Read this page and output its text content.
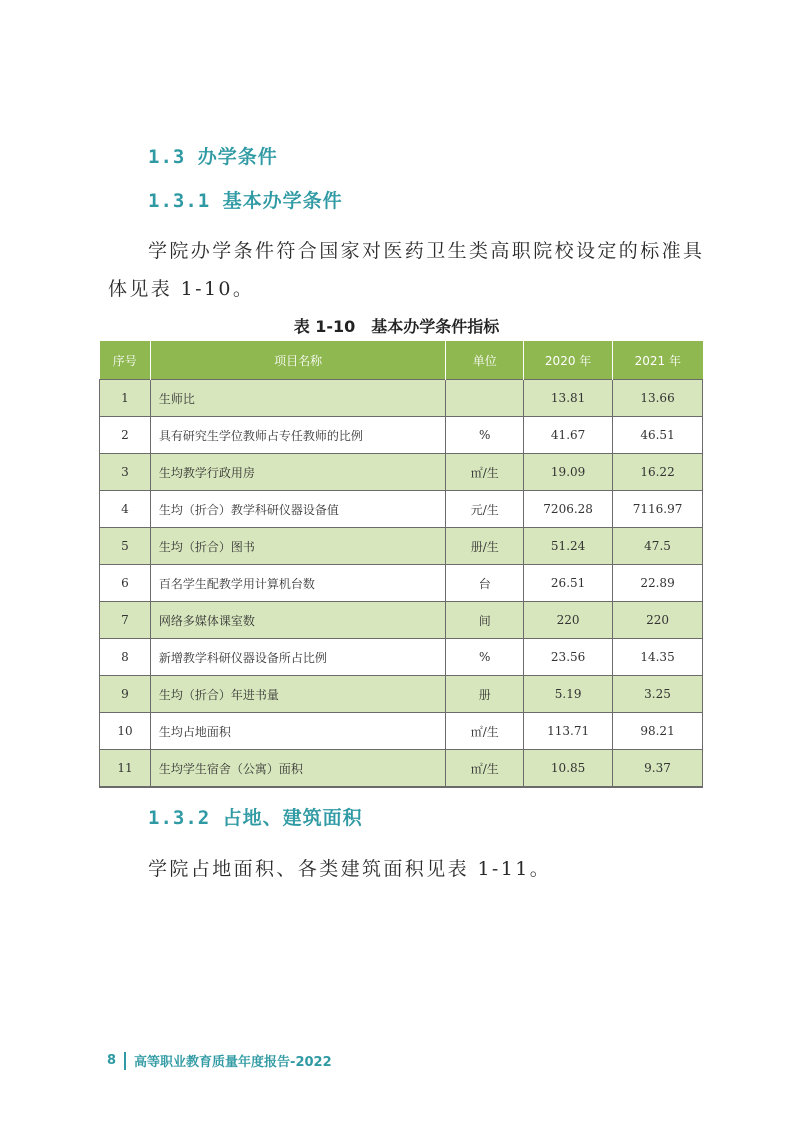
1.3 办学条件
1.3.1 基本办学条件
学院办学条件符合国家对医药卫生类高职院校设定的标准具体见表 1-10。
表 1-10　基本办学条件指标
序号	项目名称	单位	2020 年	2021 年
1	生师比		13.81	13.66
2	具有研究生学位教师占专任教师的比例	%	41.67	46.51
3	生均教学行政用房	㎡/生	19.09	16.22
4	生均（折合）教学科研仪器设备值	元/生	7206.28	7116.97
5	生均（折合）图书	册/生	51.24	47.5
6	百名学生配教学用计算机台数	台	26.51	22.89
7	网络多媒体课室数	间	220	220
8	新增教学科研仪器设备所占比例	%	23.56	14.35
9	生均（折合）年进书量	册	5.19	3.25
10	生均占地面积	㎡/生	113.71	98.21
11	生均学生宿舍（公寓）面积	㎡/生	10.85	9.37
1.3.2 占地、建筑面积
学院占地面积、各类建筑面积见表 1-11。
8 高等职业教育质量年度报告-2022
